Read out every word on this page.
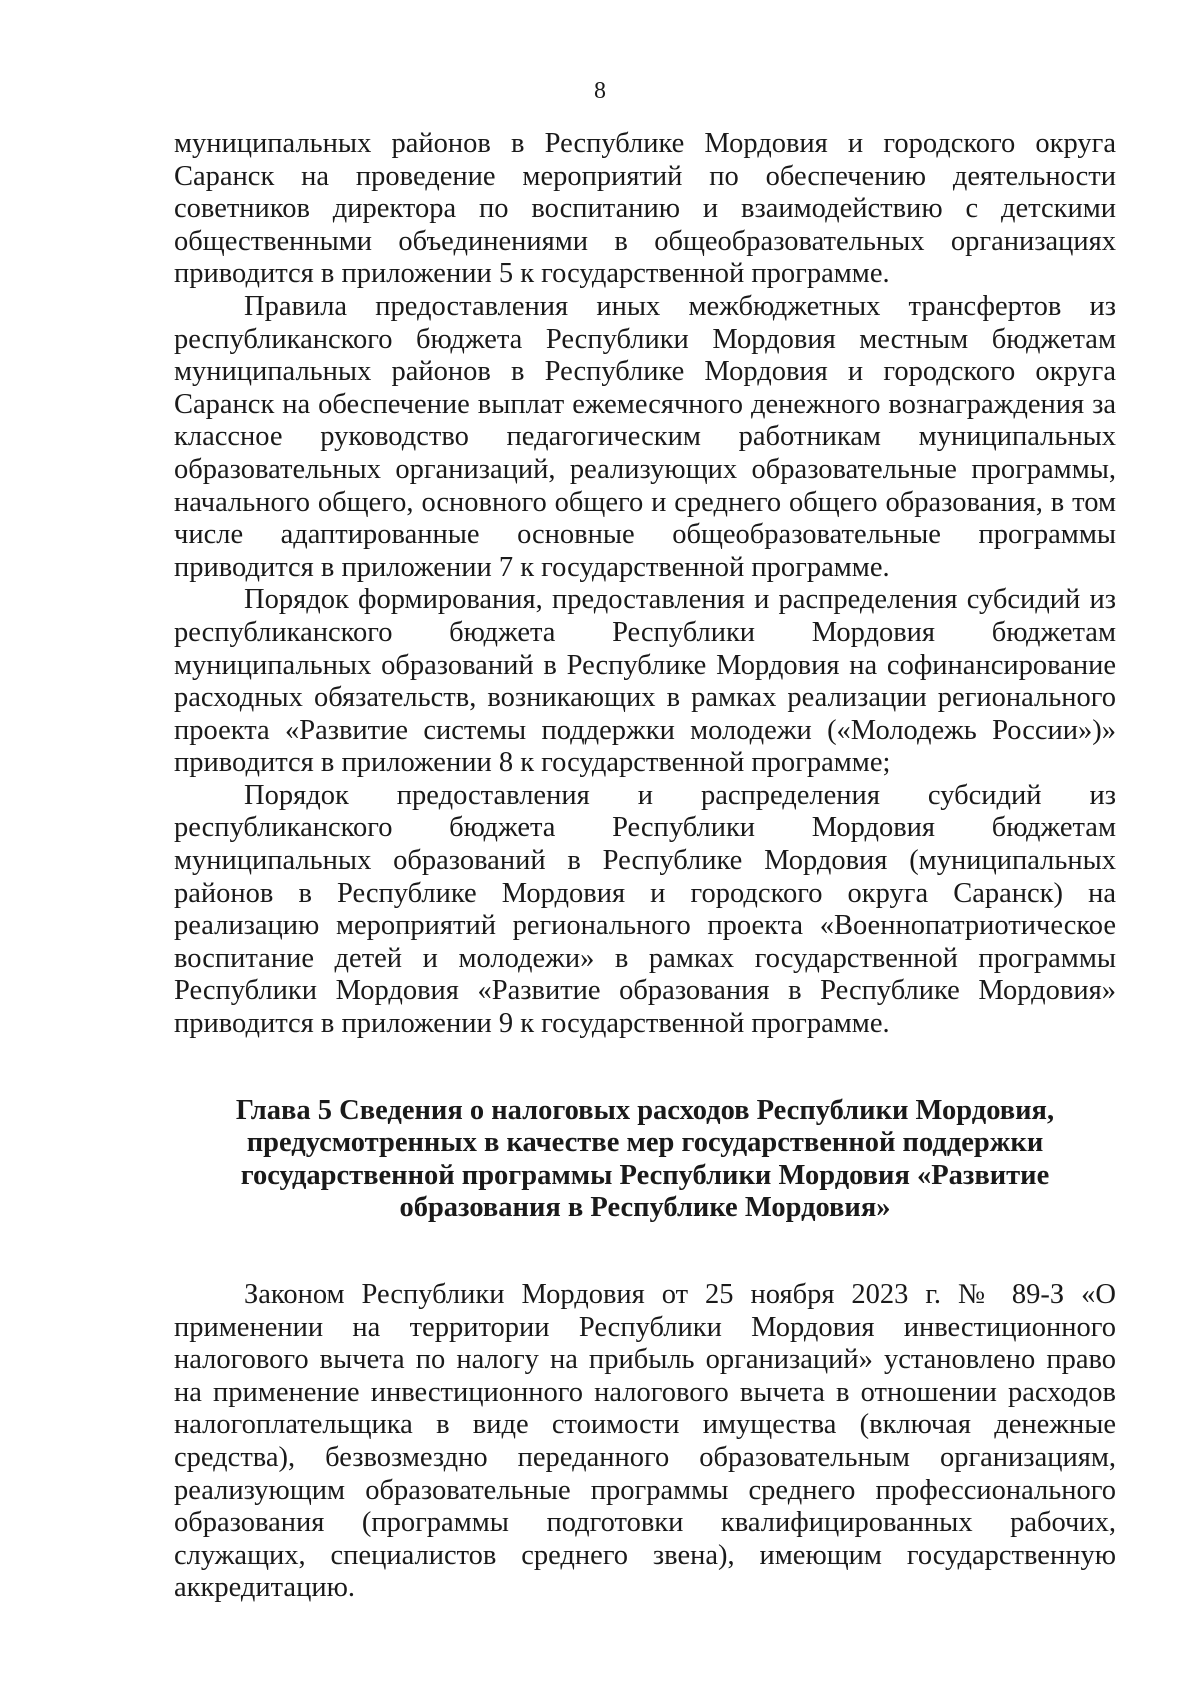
8

муниципальных районов в Республике Мордовия и городского округа Саранск на проведение мероприятий по обеспечению деятельности советников директора по воспитанию и взаимодействию с детскими общественными объединениями в общеобразовательных организациях приводится в приложении 5 к государственной программе.

Правила предоставления иных межбюджетных трансфертов из республиканского бюджета Республики Мордовия местным бюджетам муниципальных районов в Республике Мордовия и городского округа Саранск на обеспечение выплат ежемесячного денежного вознаграждения за классное руководство педагогическим работникам муниципальных образовательных организаций, реализующих образовательные программы, начального общего, основного общего и среднего общего образования, в том числе адаптированные основные общеобразовательные программы приводится в приложении 7 к государственной программе.

Порядок формирования, предоставления и распределения субсидий из республиканского бюджета Республики Мордовия бюджетам муниципальных образований в Республике Мордовия на софинансирование расходных обязательств, возникающих в рамках реализации регионального проекта «Развитие системы поддержки молодежи («Молодежь России»)» приводится в приложении 8 к государственной программе;

Порядок предоставления и распределения субсидий из республиканского бюджета Республики Мордовия бюджетам муниципальных образований в Республике Мордовия (муниципальных районов в Республике Мордовия и городского округа Саранск) на реализацию мероприятий регионального проекта «Военнопатриотическое воспитание детей и молодежи» в рамках государственной программы Республики Мордовия «Развитие образования в Республике Мордовия» приводится в приложении 9 к государственной программе.

Глава 5 Сведения о налоговых расходов Республики Мордовия, предусмотренных в качестве мер государственной поддержки государственной программы Республики Мордовия «Развитие образования в Республике Мордовия»

Законом Республики Мордовия от 25 ноября 2023 г. № 89-З «О применении на территории Республики Мордовия инвестиционного налогового вычета по налогу на прибыль организаций» установлено право на применение инвестиционного налогового вычета в отношении расходов налогоплательщика в виде стоимости имущества (включая денежные средства), безвозмездно переданного образовательным организациям, реализующим образовательные программы среднего профессионального образования (программы подготовки квалифицированных рабочих, служащих, специалистов среднего звена), имеющим государственную аккредитацию.
